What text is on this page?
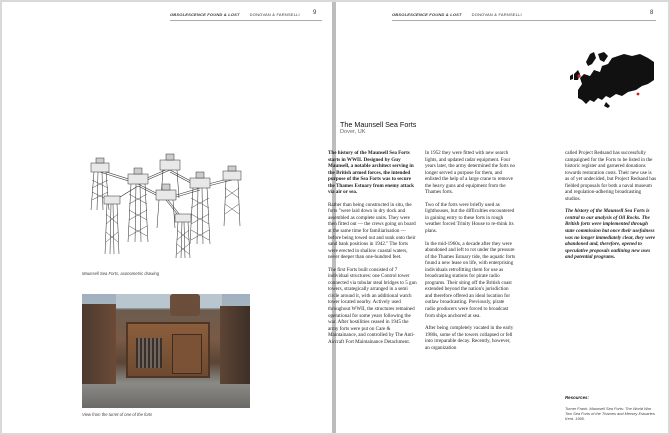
OBSOLESCENCE FOUND & LOST	DONOVAN & FARNSELLI 9
Maunsell Sea Forts, axonometric drawing
View from the turret of one of the forts
OBSOLESCENCE FOUND & LOST	DONOVAN & FARNSELLI	8
The Maunsell Sea Forts
Dover, UK

The history of the Maunsell Sea Forts starts in WWII. Designed by Guy Maunsell, a notable architect serving in the British armed forces, the intended purpose of the Sea Forts was to secure the Thames Estuary from enemy attack via air or sea.

Rather than being constructed in situ, the forts "were laid down in dry dock and assembled as complete units. They were then fitted out — the crews going on board at the same time for familiarisation — before being towed out and sunk onto their sand bank positions in 1942." The forts were erected in shallow coastal waters, never deeper than one-hundred feet.

The first Forts built consisted of 7 individual structures: one Control tower connected via tubular steal bridges to 5 gun towers, strategically arranged in a semi circle around it, with an additional watch tower located nearby. Actively used throughout WWII, the structures remained operational for some years following the war. After hostilities ceased in 1945 the army forts were put on Care & Maintainance, and controlled by The Anti-Aircraft Fort Maintainance Detachment.

In 1952 they were fitted with new search lights, and updated radar equipment. Four years later, the army determined the forts no longer served a purpose for them, and enlisted the help of a large crane to remove the heavy guns and equipment from the Thames forts.

Two of the forts were briefly used as lighthouses, but the difficulties encountered in gaining entry to these forts in rough weather forced Trinity House to re-think its plans.

In the mid-1960s, a decade after they were abandoned and left to rot under the pressure of the Thames Estuary tide, the aquatic forts found a new lease on life, with enterprising individuals retrofitting them for use as broadcasting stations for pirate radio programs. Their siting off the British coast extended beyond the nation's jurisdiction and therefore offered an ideal location for outlaw broadcasting. Previously, pirate radio producers were forced to broadcast from ships anchored at sea.

After being completely vacated in the early 1980s, some of the towers collapsed or fell into irreparable decay. Recently, however, an organization

called Project Redsand has successfully campaigned for the Forts to be listed in the historic register and garnered donations towards restoration costs. Their new use is as of yet undecided, but Project Redsand has fielded proposals for both a naval museum and regulation-adhering broadcasting studios.

The history of the Maunsell Sea Forts is central to our analysis of Oil Rocks. The British forts were implemented through state commission but once their usefulness was no longer immediately clear, they were abandoned and, therefore, opened to speculative proposals outlining new uses and potential programs.

Resources:
Turner Frank. Maunsell Sea Forts: The World War Two Sea Forts of the Thames and Mersey Estuaries. Kent, 1995.
